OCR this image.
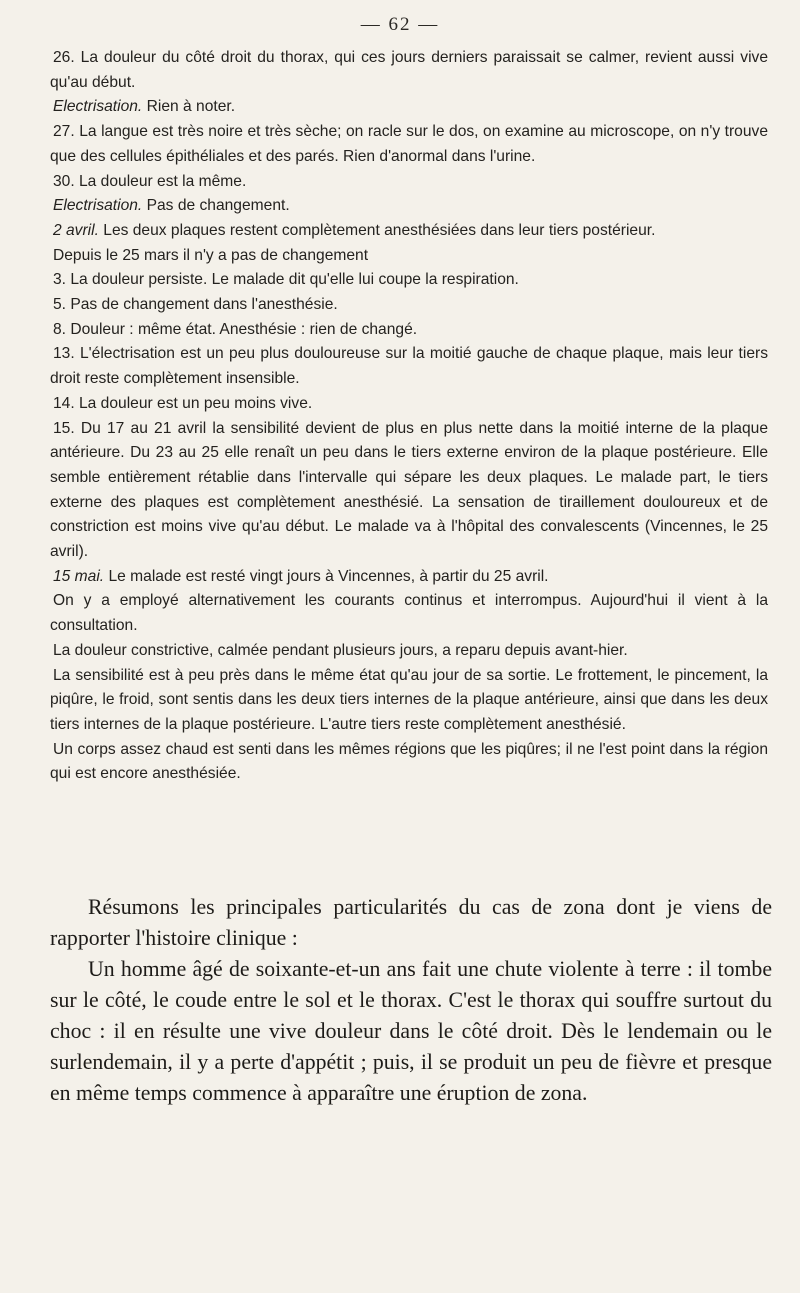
— 62 —

26. La douleur du côté droit du thorax, qui ces jours derniers paraissait se calmer, revient aussi vive qu'au début.

Electrisation. Rien à noter.

27. La langue est très noire et très sèche; on racle sur le dos, on examine au microscope, on n'y trouve que des cellules épithéliales et des parés. Rien d'anormal dans l'urine.

30. La douleur est la même.

Electrisation. Pas de changement.

2 avril. Les deux plaques restent complètement anesthésiées dans leur tiers postérieur.

Depuis le 25 mars il n'y a pas de changement

3. La douleur persiste. Le malade dit qu'elle lui coupe la respiration.

5. Pas de changement dans l'anesthésie.

8. Douleur : même état. Anesthésie : rien de changé.

13. L'électrisation est un peu plus douloureuse sur la moitié gauche de chaque plaque, mais leur tiers droit reste complètement insensible.

14. La douleur est un peu moins vive.

15. Du 17 au 21 avril la sensibilité devient de plus en plus nette dans la moitié interne de la plaque antérieure. Du 23 au 25 elle renaît un peu dans le tiers externe environ de la plaque postérieure. Elle semble entièrement rétablie dans l'intervalle qui sépare les deux plaques. Le malade part, le tiers externe des plaques est complètement anesthésié. La sensation de tiraillement douloureux et de constriction est moins vive qu'au début. Le malade va à l'hôpital des convalescents (Vincennes, le 25 avril).

15 mai. Le malade est resté vingt jours à Vincennes, à partir du 25 avril.

On y a employé alternativement les courants continus et interrompus. Aujourd'hui il vient à la consultation.

La douleur constrictive, calmée pendant plusieurs jours, a reparu depuis avant-hier.

La sensibilité est à peu près dans le même état qu'au jour de sa sortie. Le frottement, le pincement, la piqûre, le froid, sont sentis dans les deux tiers internes de la plaque antérieure, ainsi que dans les deux tiers internes de la plaque postérieure. L'autre tiers reste complètement anesthésié.

Un corps assez chaud est senti dans les mêmes régions que les piqûres; il ne l'est point dans la région qui est encore anesthésiée.

Résumons les principales particularités du cas de zona dont je viens de rapporter l'histoire clinique :

Un homme âgé de soixante-et-un ans fait une chute violente à terre : il tombe sur le côté, le coude entre le sol et le thorax. C'est le thorax qui souffre surtout du choc : il en résulte une vive douleur dans le côté droit. Dès le lendemain ou le surlendemain, il y a perte d'appétit ; puis, il se produit un peu de fièvre et presque en même temps commence à apparaître une éruption de zona.
